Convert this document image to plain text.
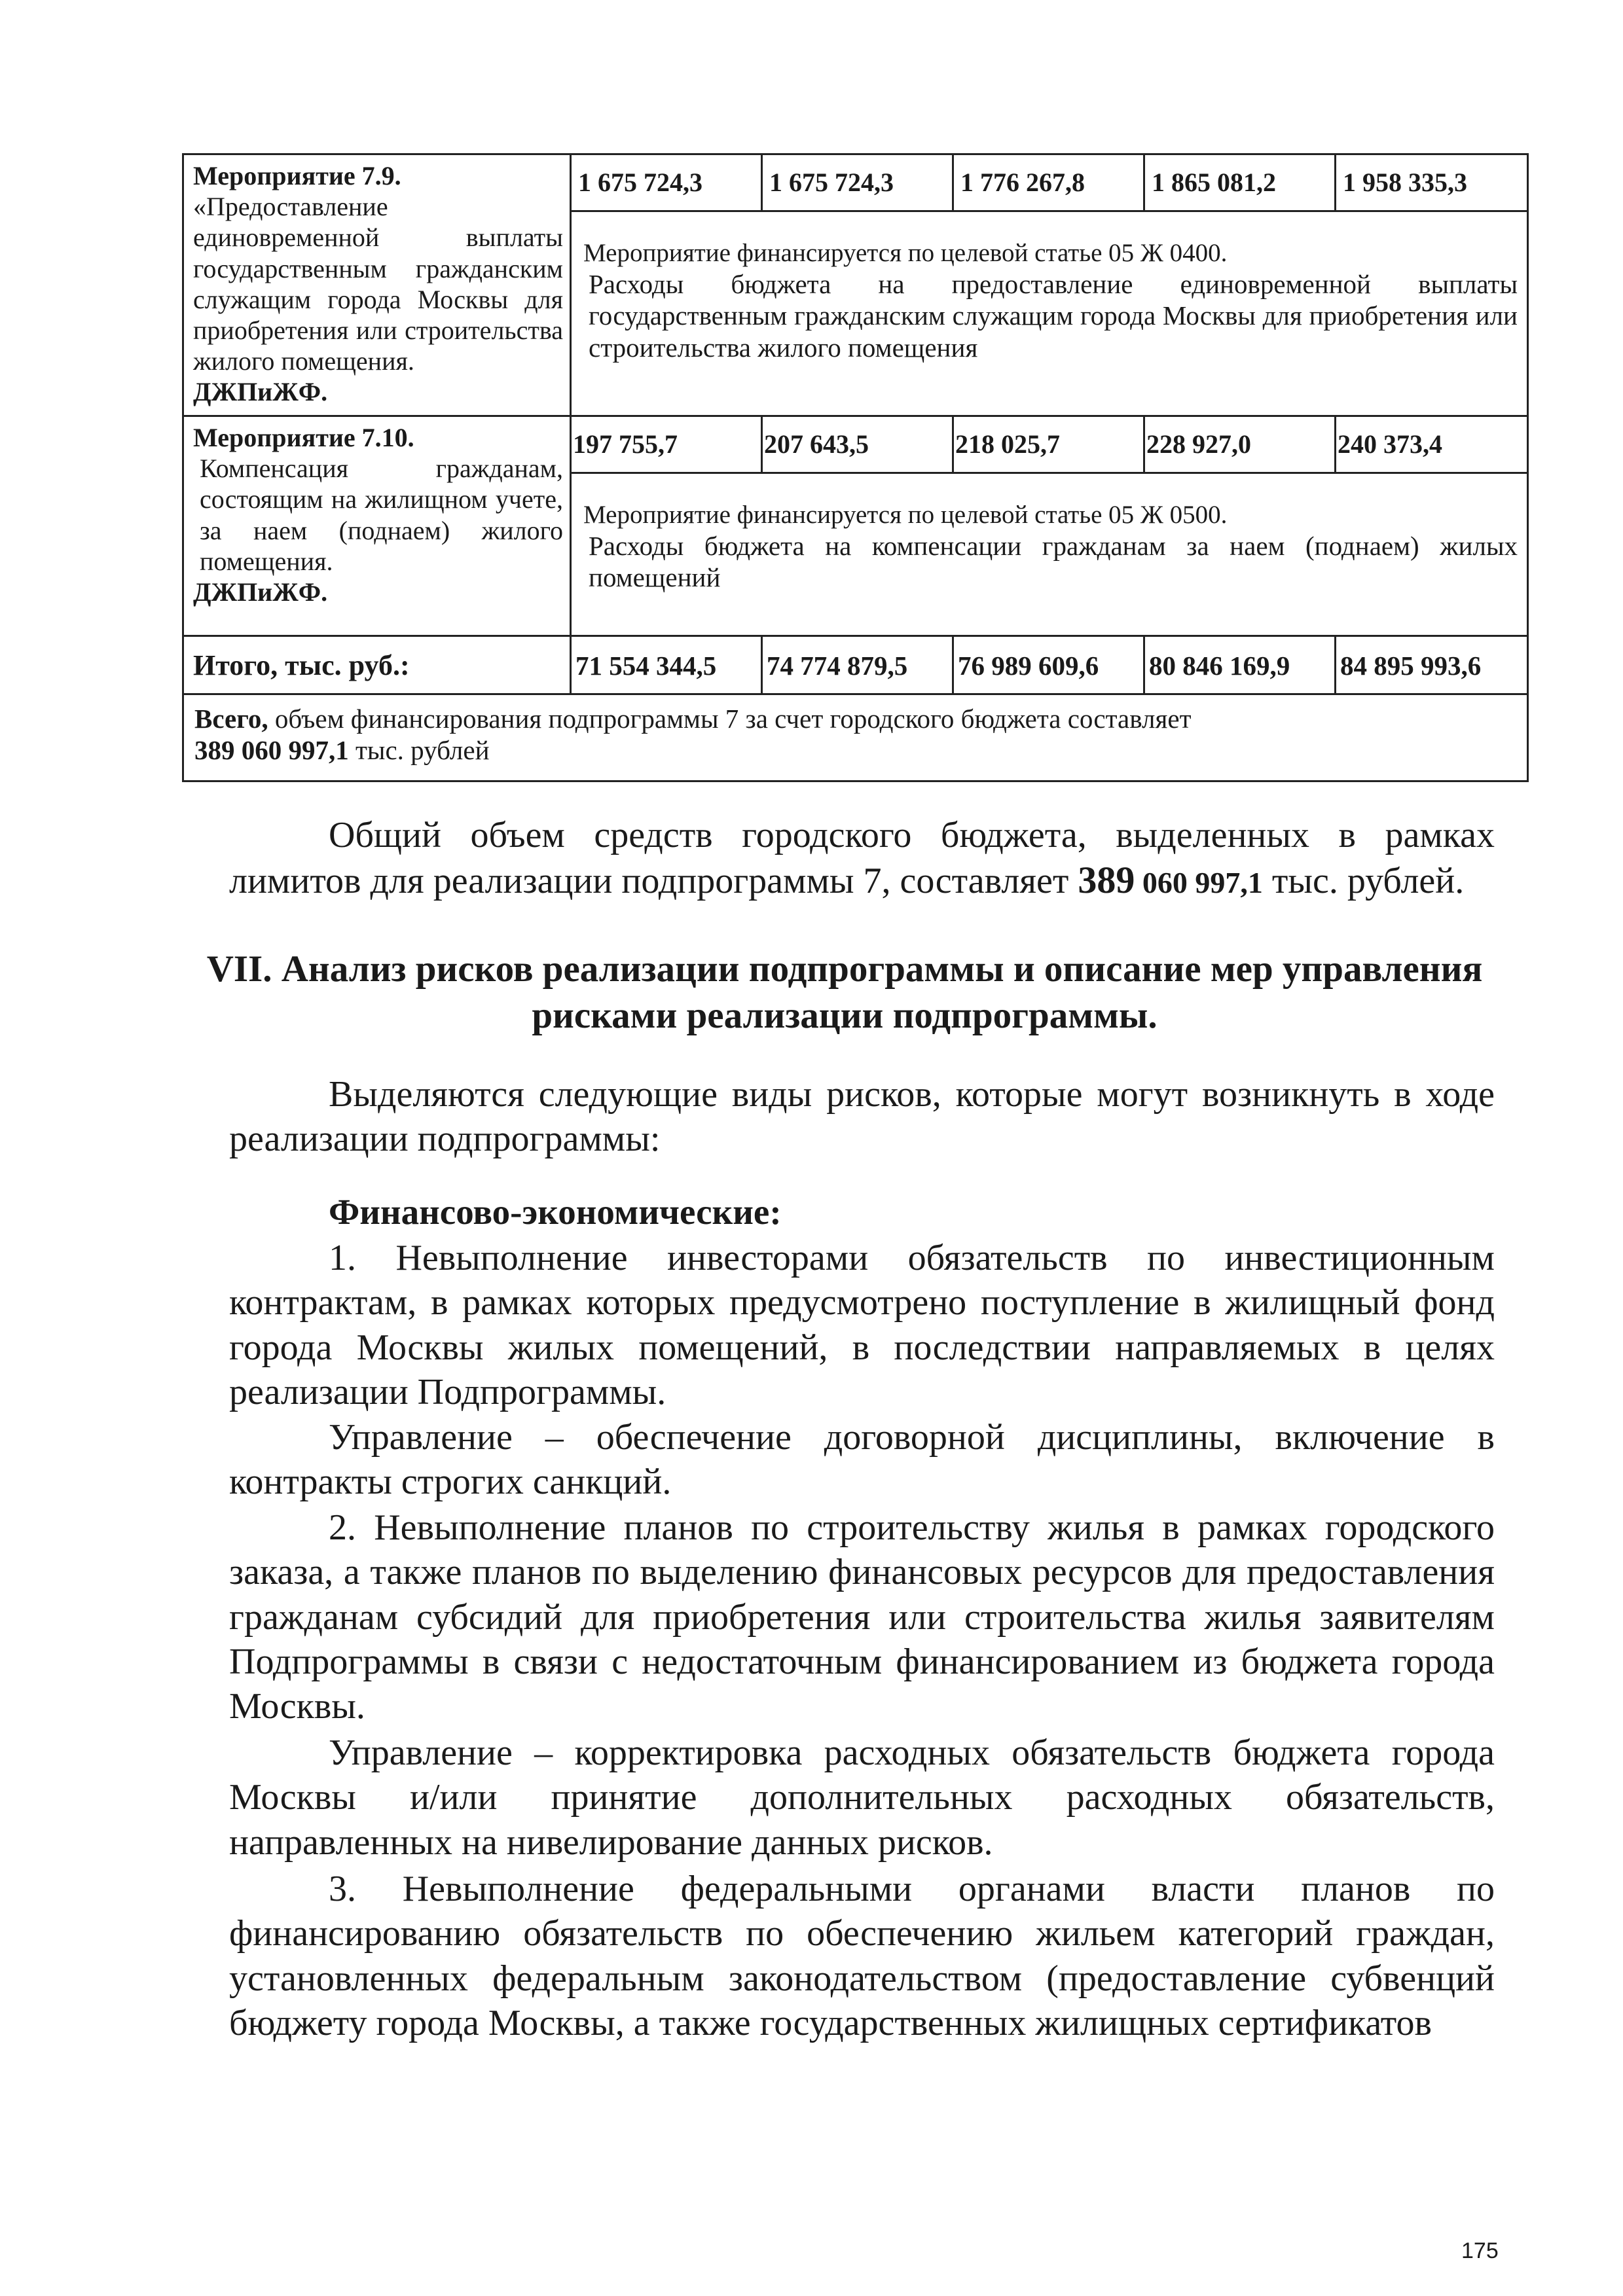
Мероприятие 7.9.
«Предоставление единовременной выплаты государственным гражданским служащим города Москвы для приобретения или строительства жилого помещения.
ДЖПиЖФ.	1 675 724,3	1 675 724,3	1 776 267,8	1 865 081,2	1 958 335,3

	Мероприятие финансируется по целевой статье 05 Ж 0400.
Расходы бюджета на предоставление единовременной выплаты государственным гражданским служащим города Москвы для приобретения или строительства жилого помещения				

Мероприятие 7.10.
Компенсация гражданам, состоящим на жилищном учете, за наем (поднаем) жилого помещения.
ДЖПиЖФ.	197 755,7	207 643,5	218 025,7	228 927,0	240 373,4

	Мероприятие финансируется по целевой статье 05 Ж 0500.
Расходы бюджета на компенсации гражданам за наем (поднаем) жилых помещений				

Итого, тыс. руб.:	71 554 344,5	74 774 879,5	76 989 609,6	80 846 169,9	84 895 993,6
Всего, объем финансирования подпрограммы 7 за счет городского бюджета составляет
389 060 997,1 тыс. рублей					

Общий объем средств городского бюджета, выделенных в рамках лимитов для реализации подпрограммы 7, составляет 389 060 997,1 тыс. рублей.

VII. Анализ рисков реализации подпрограммы и описание мер управления рисками реализации подпрограммы.

Выделяются следующие виды рисков, которые могут возникнуть в ходе реализации подпрограммы:

Финансово-экономические:

1. Невыполнение инвесторами обязательств по инвестиционным контрактам, в рамках которых предусмотрено поступление в жилищный фонд города Москвы жилых помещений, в последствии направляемых в целях реализации Подпрограммы.

Управление – обеспечение договорной дисциплины, включение в контракты строгих санкций.

2. Невыполнение планов по строительству жилья в рамках городского заказа, а также планов по выделению финансовых ресурсов для предоставления гражданам субсидий для приобретения или строительства жилья заявителям Подпрограммы в связи с недостаточным финансированием из бюджета города Москвы.

Управление – корректировка расходных обязательств бюджета города Москвы и/или принятие дополнительных расходных обязательств, направленных на нивелирование данных рисков.

3. Невыполнение федеральными органами власти планов по финансированию обязательств по обеспечению жильем категорий граждан, установленных федеральным законодательством (предоставление субвенций бюджету города Москвы, а также государственных жилищных сертификатов

175
